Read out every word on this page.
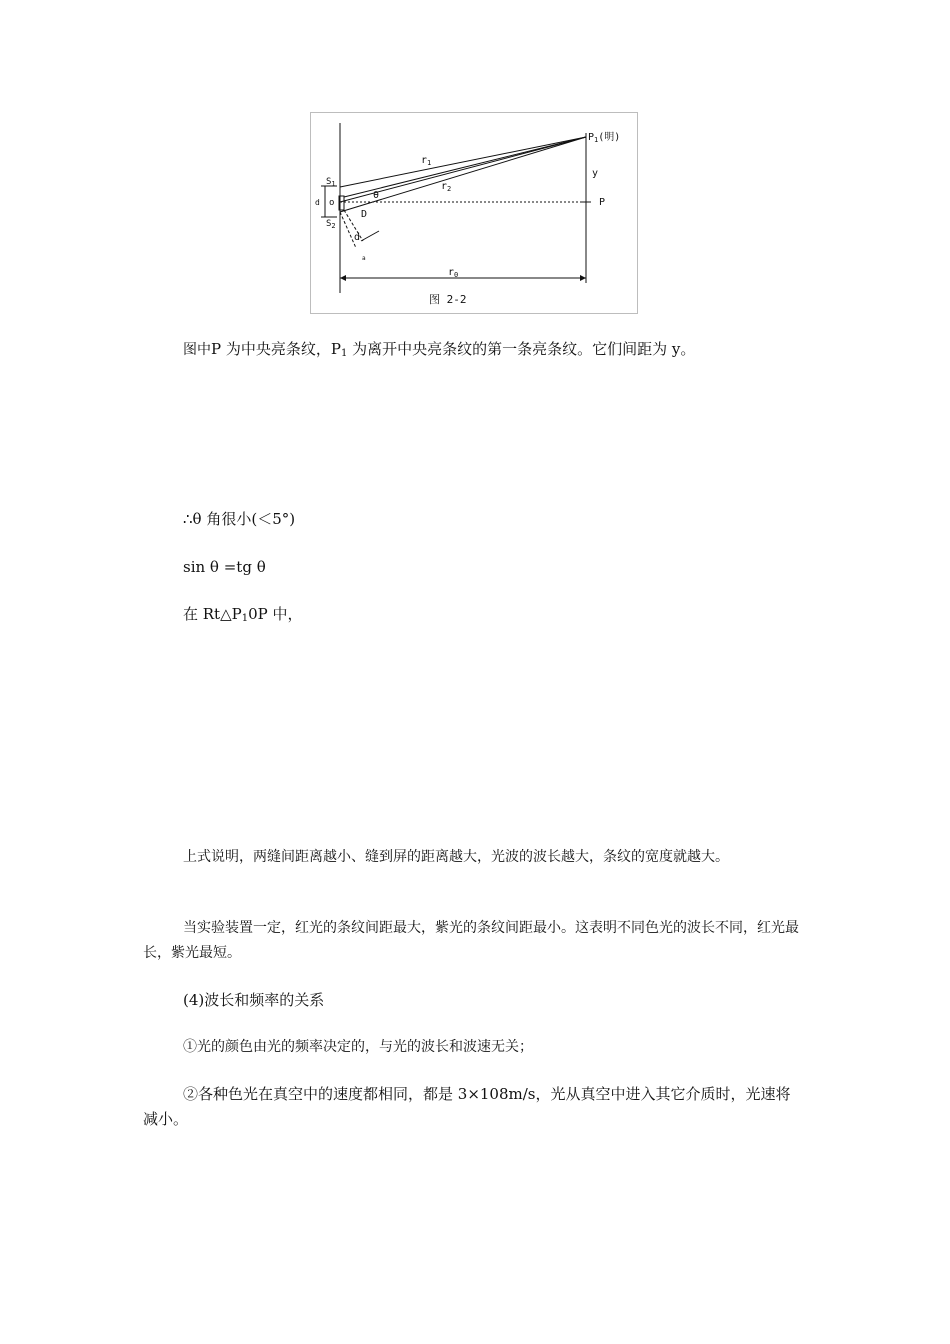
$P_1$(明)
y
P
$r_1$
$r_2$
$r_0$
$S_1$
$S_2$
o
d
θ
D
d
a
图 2-2
图中P 为中央亮条纹，$P_1$ 为离开中央亮条纹的第一条亮条纹。它们间距为 y。
∴θ 角很小(＜5°)
sin θ =tg θ
在 $Rt\triangle P_10P$ 中，
上式说明，两缝间距离越小、缝到屏的距离越大，光波的波长越大，条纹的宽度就越大。
当实验装置一定，红光的条纹间距最大，紫光的条纹间距最小。这表明不同色光的波长不同，红光最长，紫光最短。
(4)波长和频率的关系
①光的颜色由光的频率决定的，与光的波长和波速无关；
②各种色光在真空中的速度都相同，都是 3×108m/s，光从真空中进入其它介质时，光速将减小。
